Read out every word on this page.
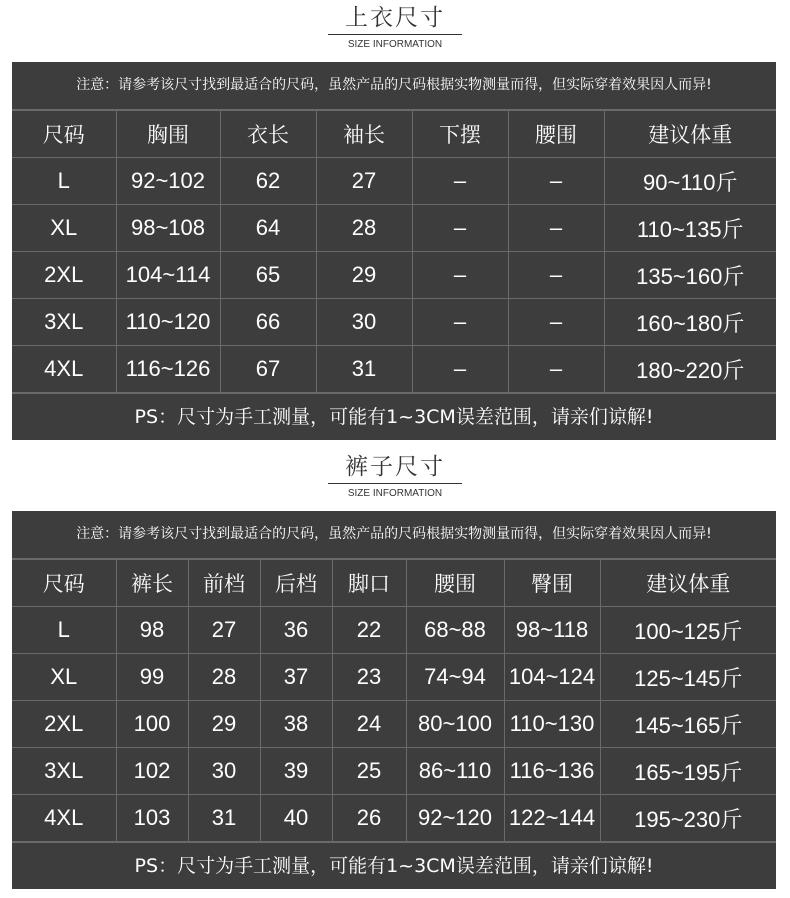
上衣尺寸
SIZE INFORMATION
注意：请参考该尺寸找到最适合的尺码，虽然产品的尺码根据实物测量而得，但实际穿着效果因人而异!
尺码	胸围	衣长	袖长	下摆	腰围	建议体重
L	92~102	62	27	–	–	90~110斤
XL	98~108	64	28	–	–	110~135斤
2XL	104~114	65	29	–	–	135~160斤
3XL	110~120	66	30	–	–	160~180斤
4XL	116~126	67	31	–	–	180~220斤
PS：尺寸为手工测量，可能有1~3CM误差范围，请亲们谅解!
裤子尺寸
SIZE INFORMATION
注意：请参考该尺寸找到最适合的尺码，虽然产品的尺码根据实物测量而得，但实际穿着效果因人而异!
尺码	裤长	前档	后档	脚口	腰围	臀围	建议体重
L	98	27	36	22	68~88	98~118	100~125斤
XL	99	28	37	23	74~94	104~124	125~145斤
2XL	100	29	38	24	80~100	110~130	145~165斤
3XL	102	30	39	25	86~110	116~136	165~195斤
4XL	103	31	40	26	92~120	122~144	195~230斤
PS：尺寸为手工测量，可能有1~3CM误差范围，请亲们谅解!
